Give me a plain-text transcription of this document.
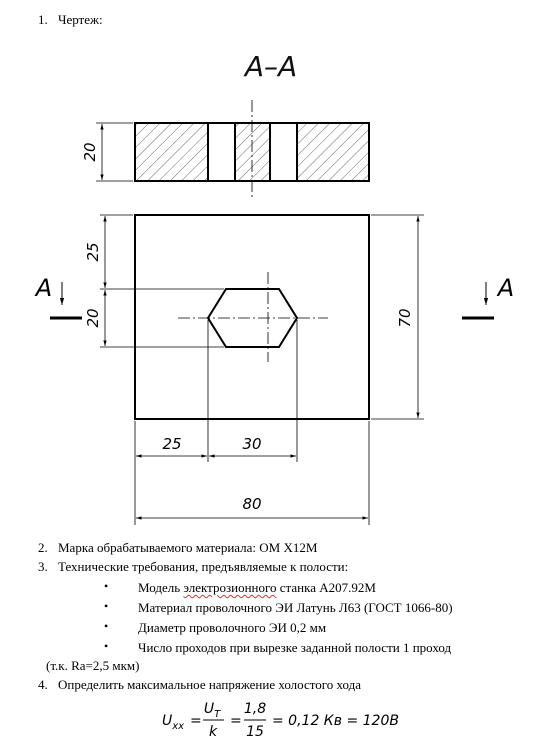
1. Чертеж:
A–A
20
25
20	70
A	A
25	30
80
2. Марка обрабатываемого материала: ОМ Х12М
3. Технические требования, предъявляемые к полости:
• Модель электрозионного станка А207.92М
• Материал проволочного ЭИ Латунь Л63 (ГОСТ 1066-80)
• Диаметр проволочного ЭИ 0,2 мм
• Число проходов при вырезке заданной полости 1 проход
(т.к. Ra=2,5 мкм)
4. Определить максимальное напряжение холостого хода
$U_{xx}$ =
$U_T$
k
=
1,8
15
= 0,12 Кв = 120В
